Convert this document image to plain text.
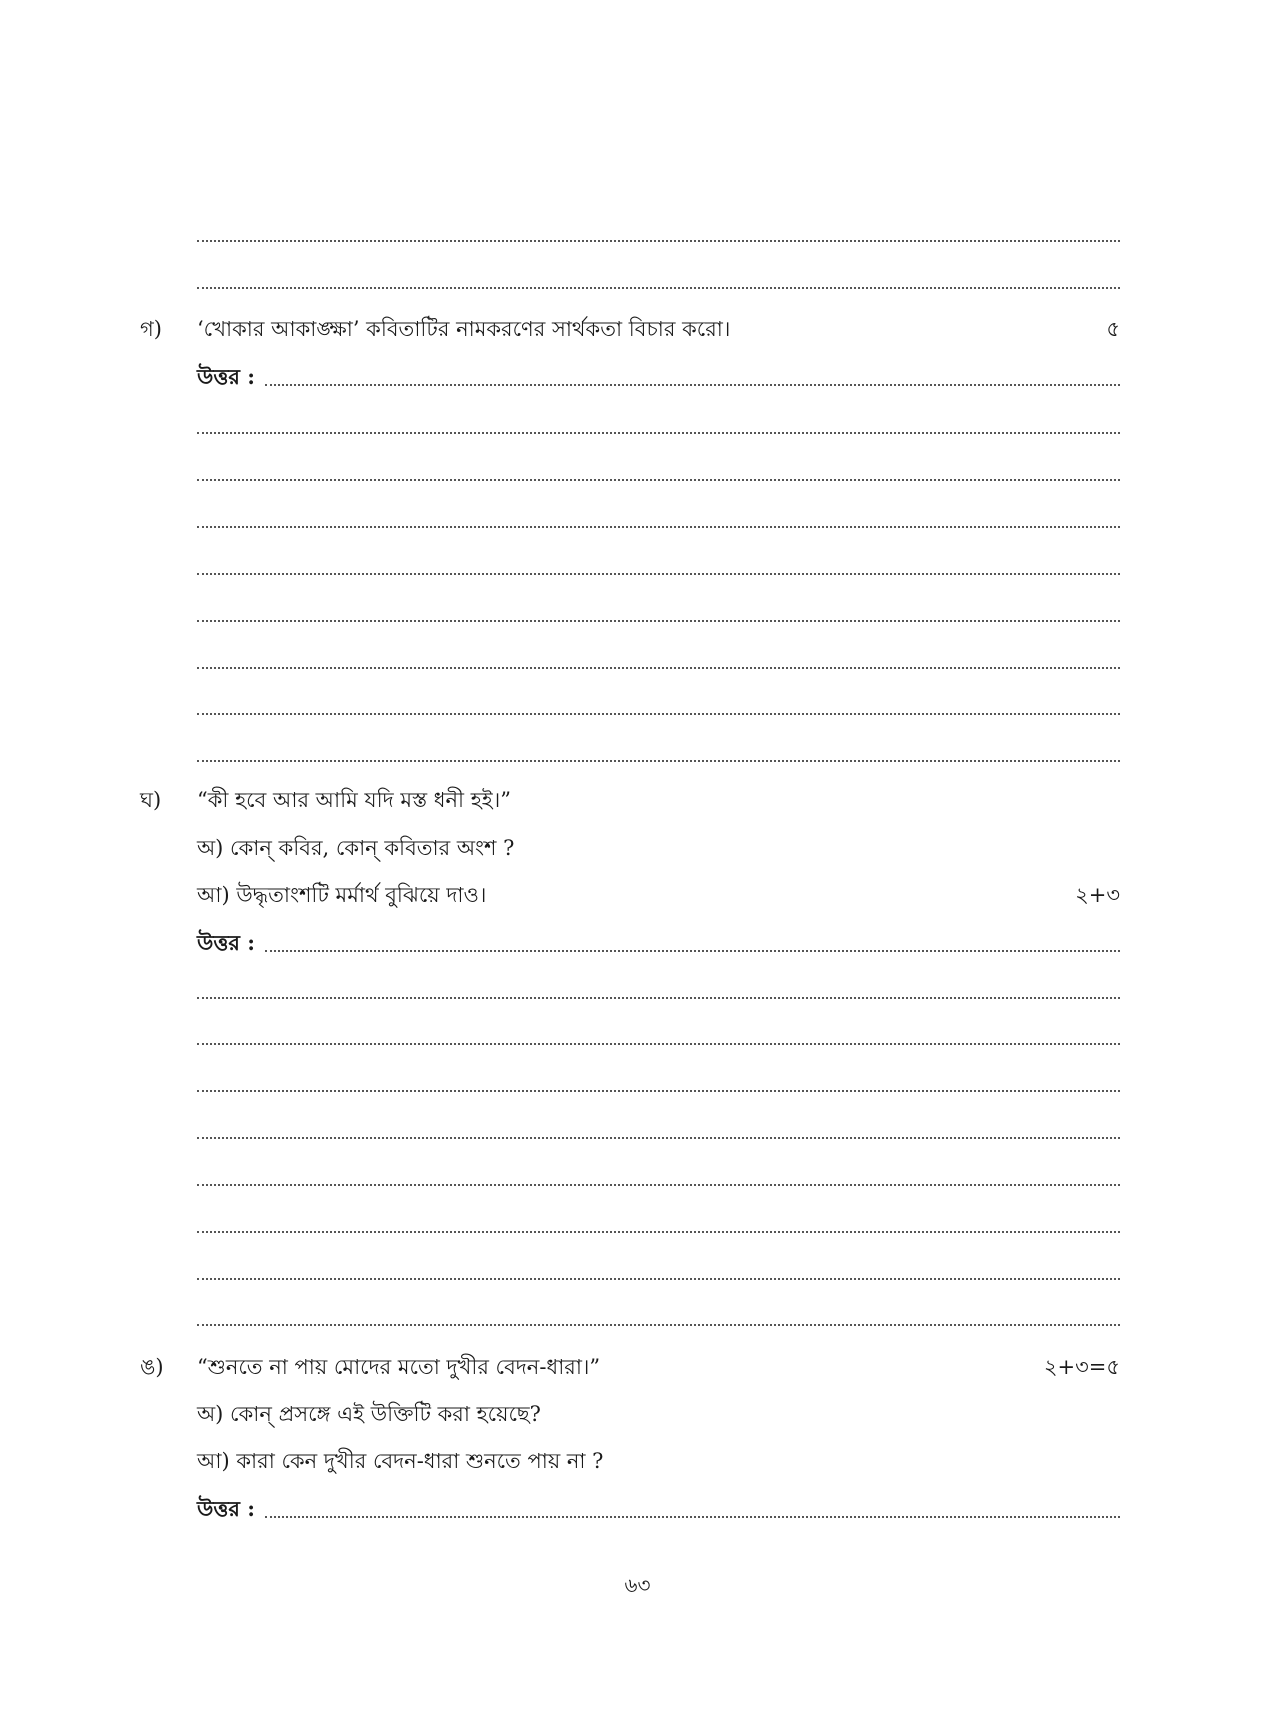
গ) ‘খোকার আকাঙ্ক্ষা’ কবিতাটির নামকরণের সার্থকতা বিচার করো।	৫
উত্তর :
ঘ) “কী হবে আর আমি যদি মস্ত ধনী হই।”
অ) কোন্ কবির, কোন্ কবিতার অংশ ?
আ) উদ্ধৃতাংশটি মর্মার্থ বুঝিয়ে দাও।	২+৩
উত্তর :
ঙ) “শুনতে না পায় মোদের মতো দুখীর বেদন-ধারা।”	২+৩=৫
অ) কোন্ প্রসঙ্গে এই উক্তিটি করা হয়েছে?
আ) কারা কেন দুখীর বেদন-ধারা শুনতে পায় না ?
উত্তর :
৬৩
